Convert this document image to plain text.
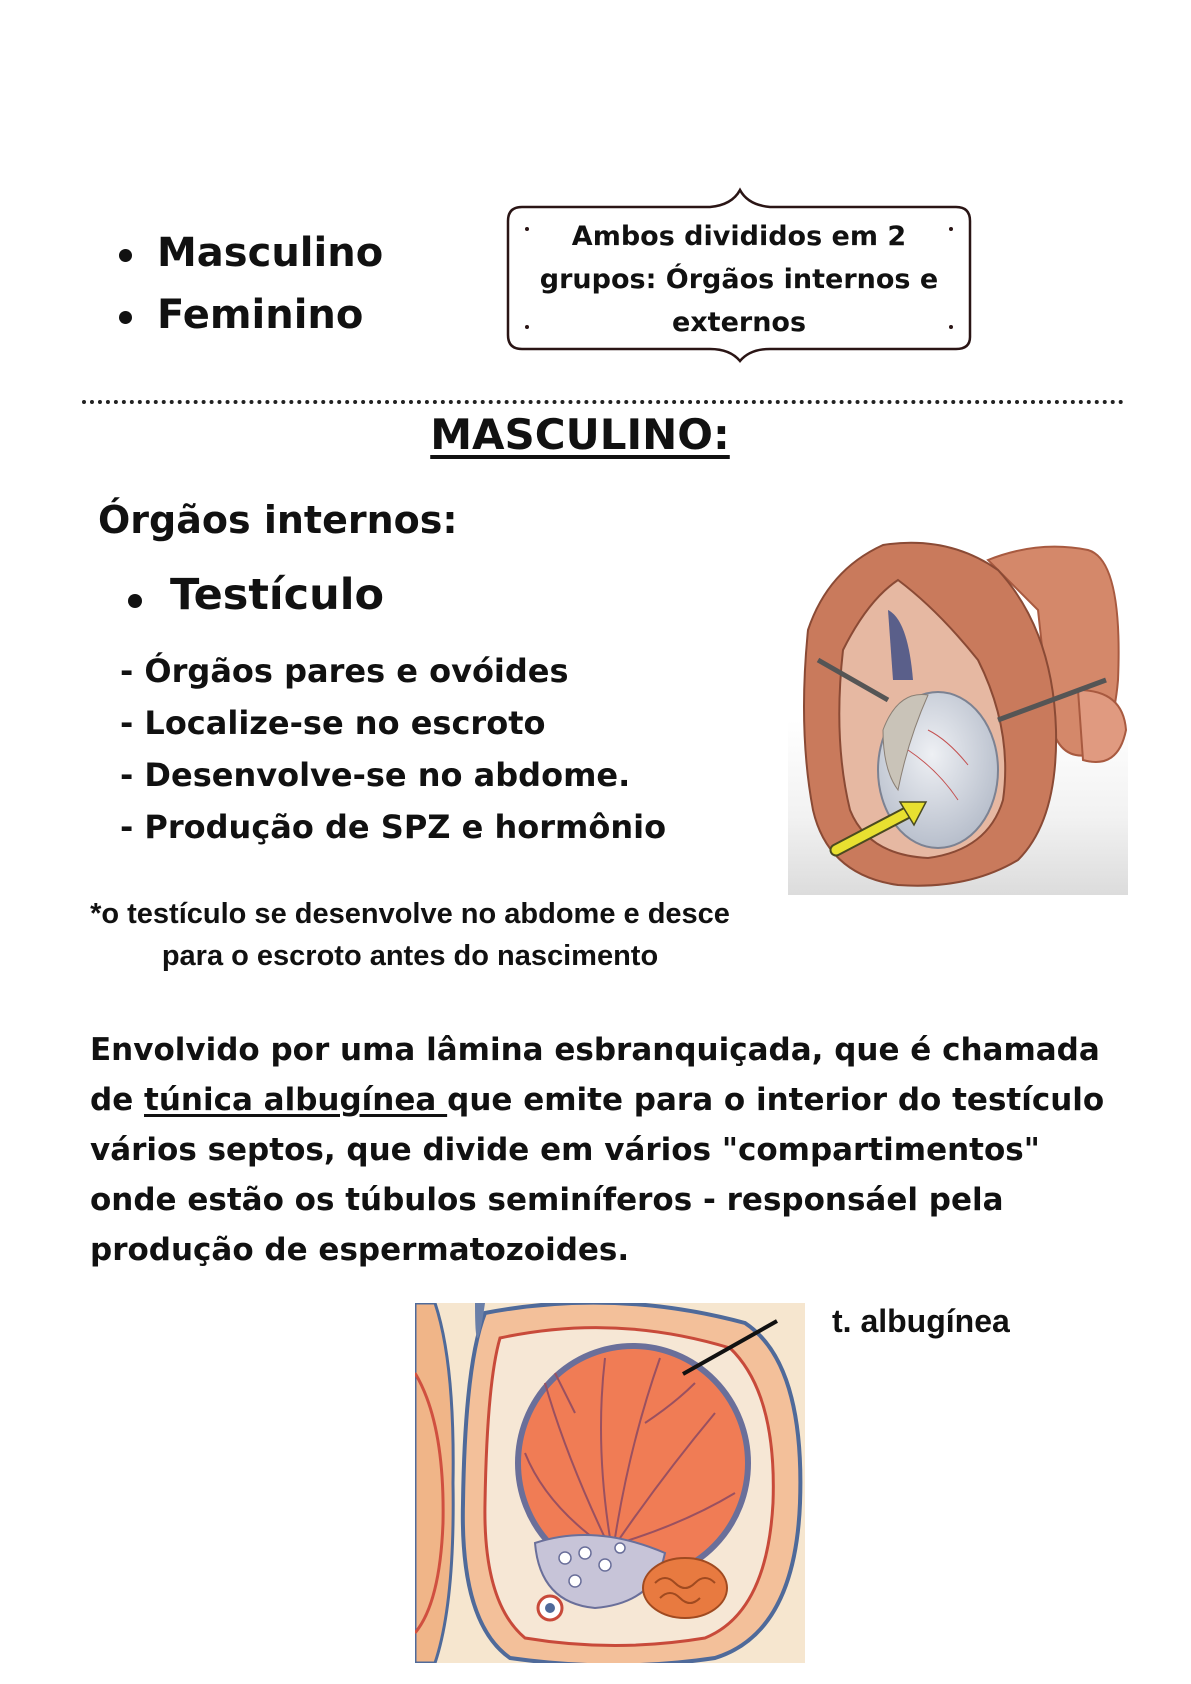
Masculino
Feminino
Ambos divididos em 2 grupos: Órgãos internos e externos
MASCULINO:
Órgãos internos:
Testículo
- Órgãos pares e ovóides
- Localize-se no escroto
- Desenvolve-se no abdome.
- Produção de SPZ e hormônio
*o testículo se desenvolve no abdome e desce para o escroto antes do nascimento
Envolvido por uma lâmina esbranquiçada, que é chamada de túnica albugínea que emite para o interior do testículo vários septos, que divide em vários "compartimentos" onde estão os túbulos seminíferos - responsáel pela produção de espermatozoides.
t. albugínea
